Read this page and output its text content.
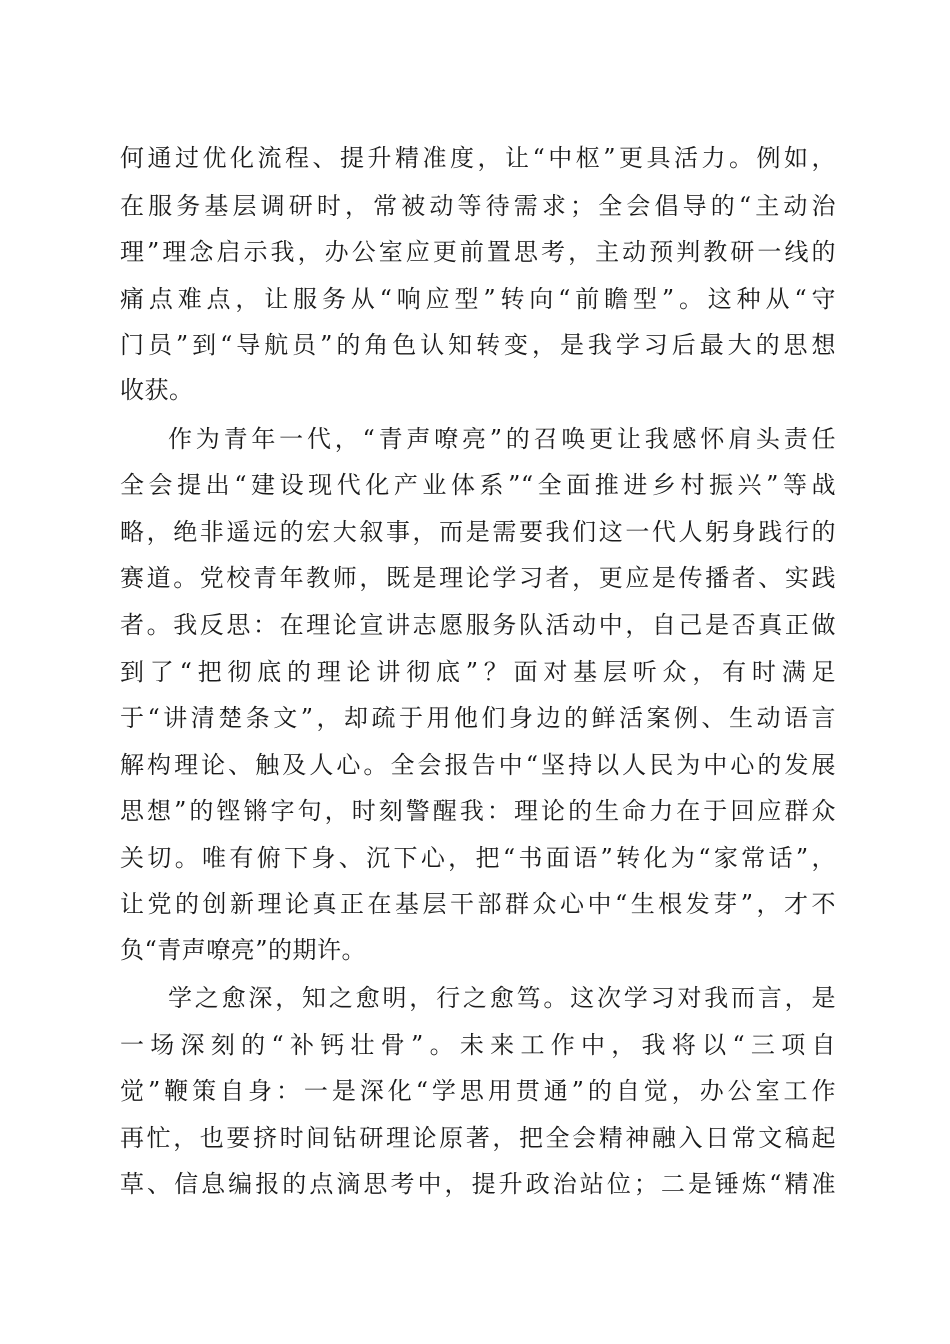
何通过优化流程、提升精准度，让“中枢”更具活力。例如，
在服务基层调研时，常被动等待需求；全会倡导的“主动治
理”理念启示我，办公室应更前置思考，主动预判教研一线的
痛点难点，让服务从“响应型”转向“前瞻型”。这种从“守
门员”到“导航员”的角色认知转变，是我学习后最大的思想
收获。
作为青年一代，“青声嘹亮”的召唤更让我感怀肩头责任
全会提出“建设现代化产业体系”“全面推进乡村振兴”等战
略，绝非遥远的宏大叙事，而是需要我们这一代人躬身践行的
赛道。党校青年教师，既是理论学习者，更应是传播者、实践
者。我反思：在理论宣讲志愿服务队活动中，自己是否真正做
到了“把彻底的理论讲彻底”？面对基层听众，有时满足
于“讲清楚条文”，却疏于用他们身边的鲜活案例、生动语言
解构理论、触及人心。全会报告中“坚持以人民为中心的发展
思想”的铿锵字句，时刻警醒我：理论的生命力在于回应群众
关切。唯有俯下身、沉下心，把“书面语”转化为“家常话”，
让党的创新理论真正在基层干部群众心中“生根发芽”，才不
负“青声嘹亮”的期许。
学之愈深，知之愈明，行之愈笃。这次学习对我而言，是
一场深刻的“补钙壮骨”。未来工作中，我将以“三项自
觉”鞭策自身：一是深化“学思用贯通”的自觉，办公室工作
再忙，也要挤时间钻研理论原著，把全会精神融入日常文稿起
草、信息编报的点滴思考中，提升政治站位；二是锤炼“精准
